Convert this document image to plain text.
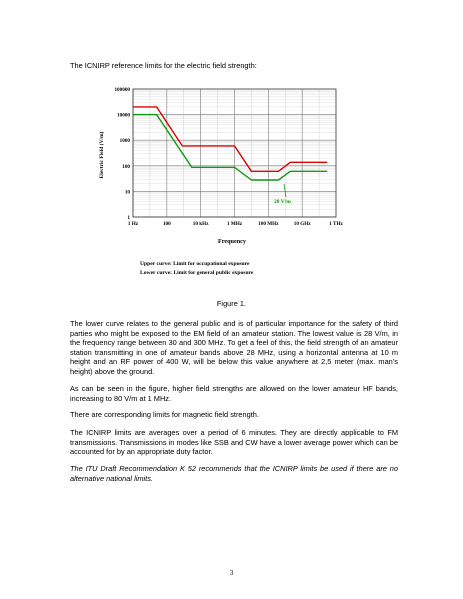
The ICNIRP reference limits for the electric field strength:
1 Hz	100	10 kHz	1 MHz	100 MHz	10 GHz	1 THz
100000
10000
1000
100
10
1
Electric Field (V/m)
Frequency
28 V/m
Upper curve: Limit for occupational exposure
Lower curve: Limit for general public exposure
Figure 1.

The lower curve relates to the general public and is of particular importance for the safety of third parties who might be exposed to the EM field of an amateur station. The lowest value is 28 V/m, in the frequency range between 30 and 300 MHz. To get a feel of this, the field strength of an amateur station transmitting in one of amateur bands above 28 MHz, using a horizontal antenna at 10 m height and an RF power of 400 W, will be below this value anywhere at 2,5 meter (max. man’s height) above the ground.

As can be seen in the figure, higher field strengths are allowed on the lower amateur HF bands, increasing to 80 V/m at 1 MHz.

There are corresponding limits for magnetic field strength.

The ICNIRP limits are averages over a period of 6 minutes. They are directly applicable to FM transmissions. Transmissions in modes like SSB and CW have a lower average power which can be accounted for by an appropriate duty factor.

The ITU Draft Recommendation K 52 recommends that the ICNIRP limits be used if there are no alternative national limits.

3
